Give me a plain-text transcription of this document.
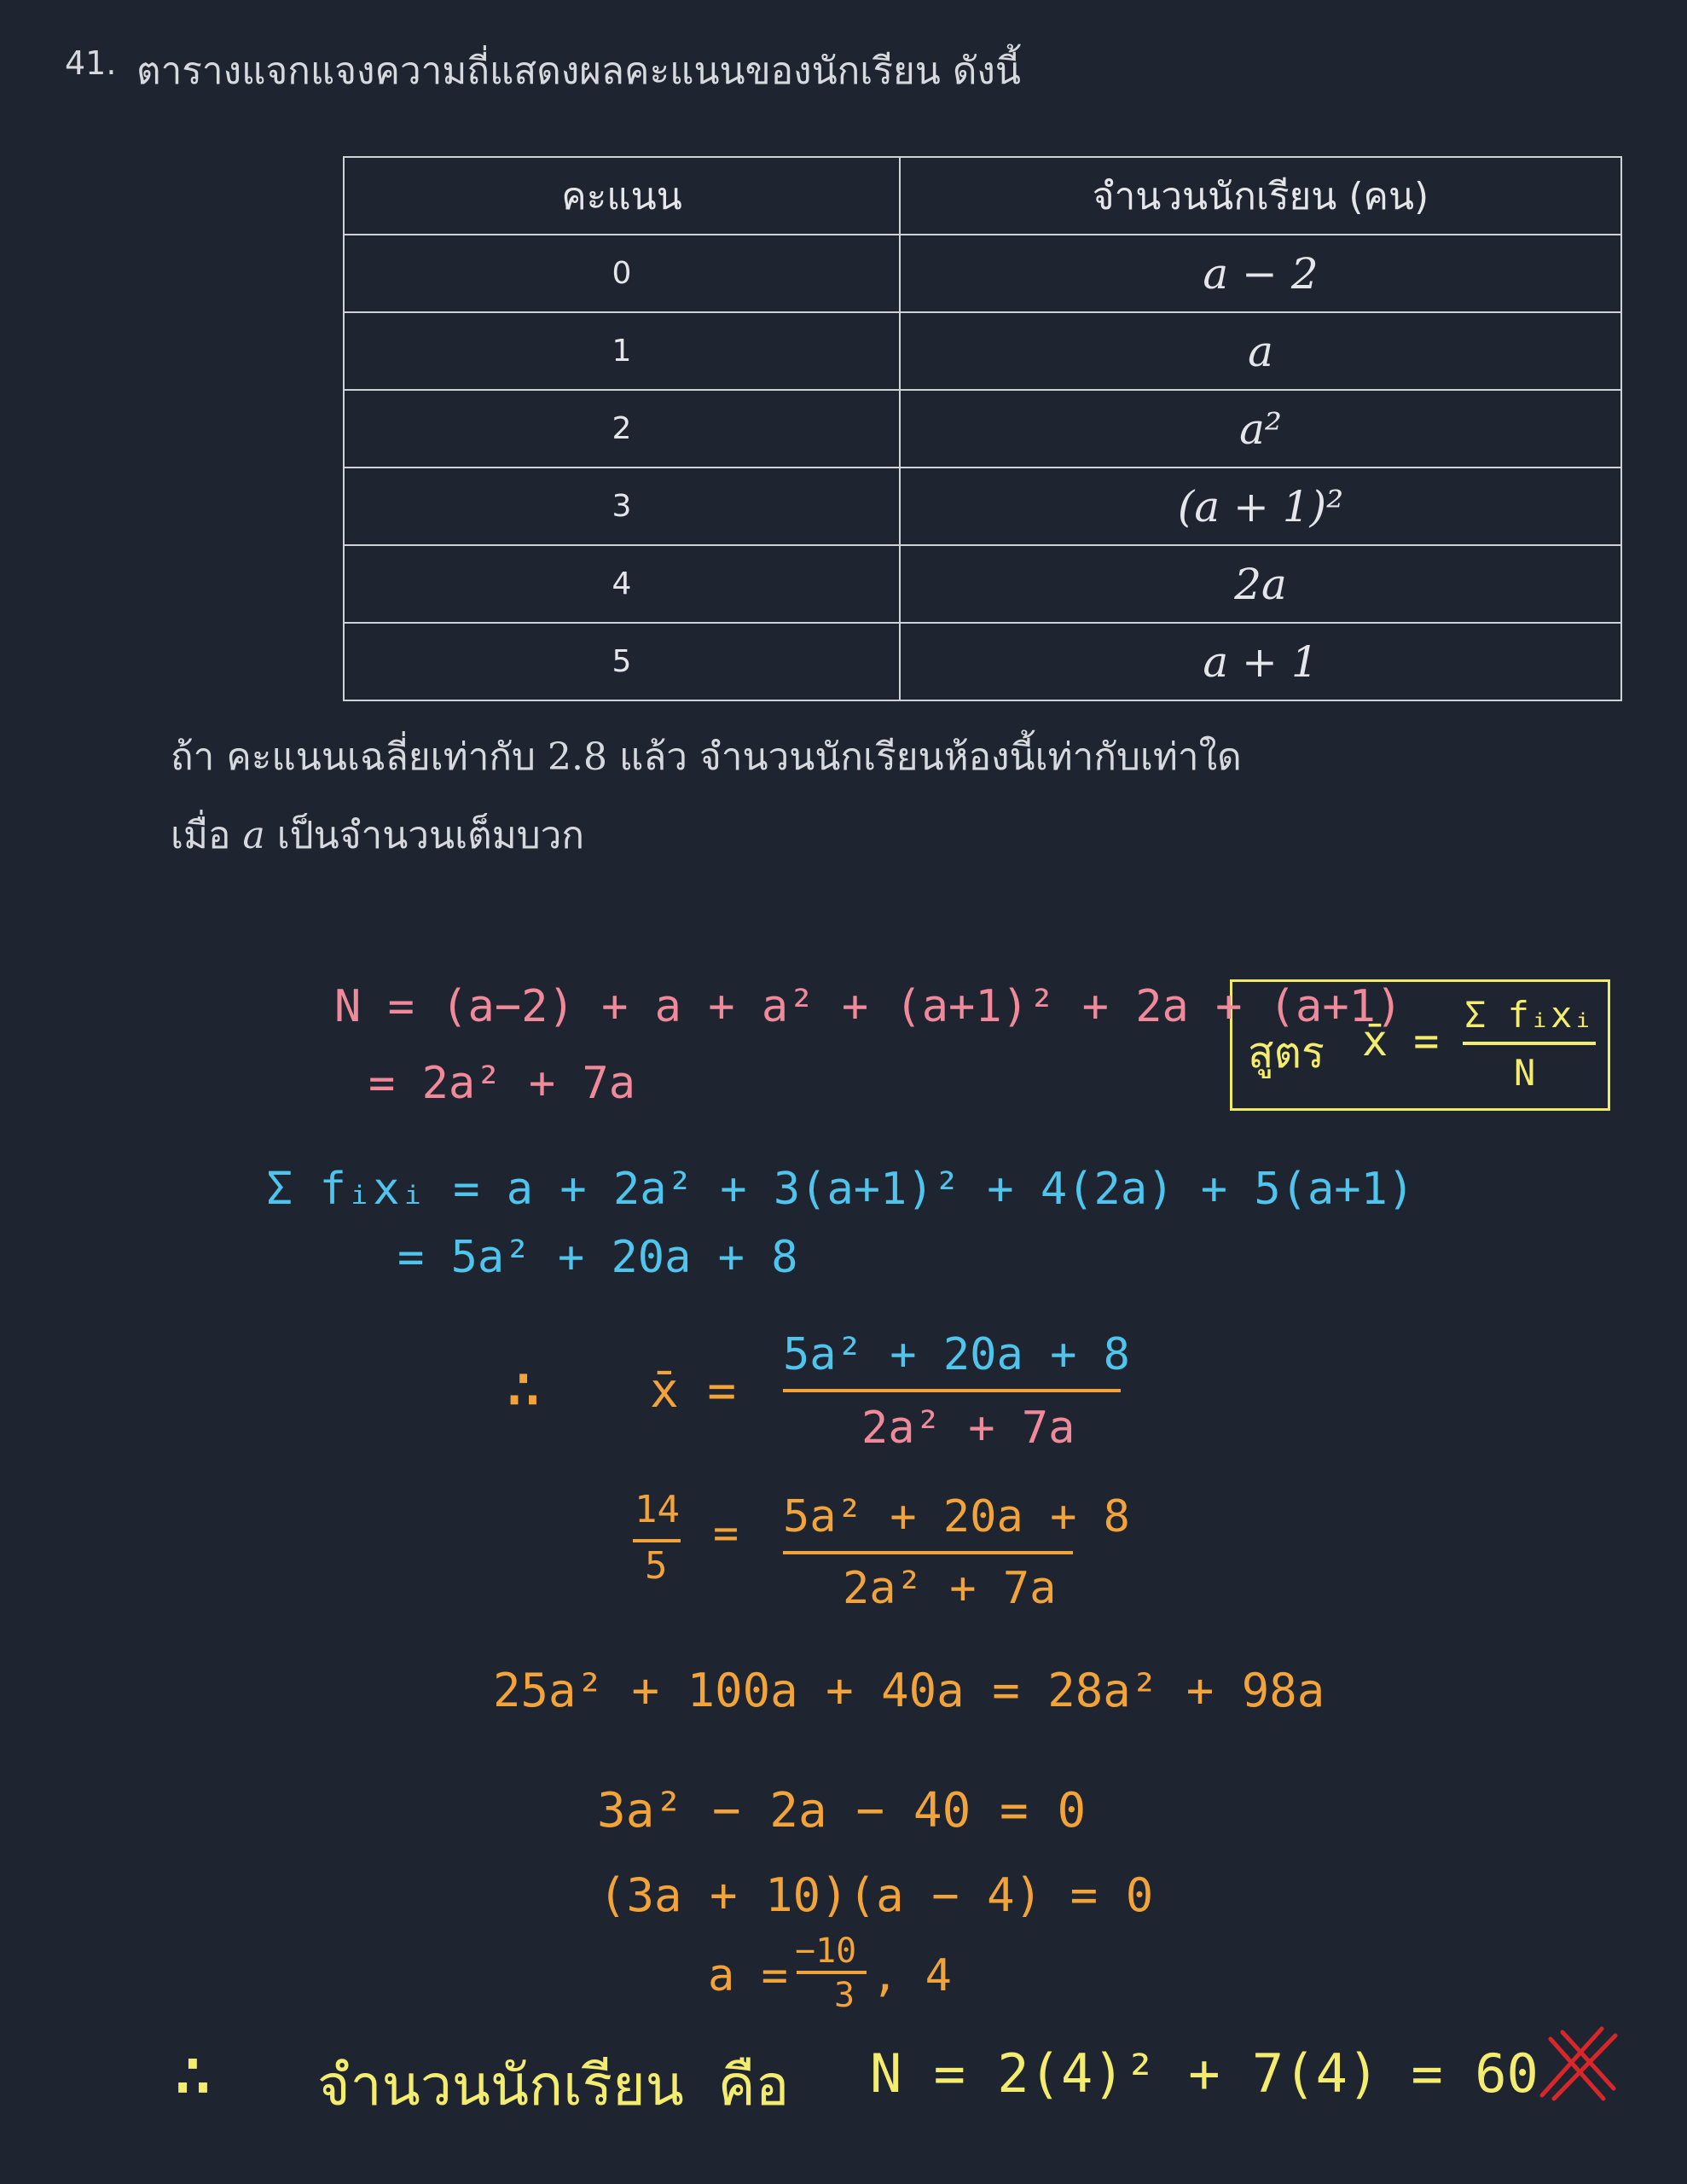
41. ตารางแจกแจงความถี่แสดงผลคะแนนของนักเรียน ดังนี้
คะแนน	จำนวนนักเรียน (คน)
0	a − 2
1	a
2	a²
3	(a + 1)²
4	2a
5	a + 1
ถ้า คะแนนเฉลี่ยเท่ากับ 2.8 แล้ว จำนวนนักเรียนห้องนี้เท่ากับเท่าใด
เมื่อ a เป็นจำนวนเต็มบวก
สูตร x̄ =
Σ fᵢxᵢ
N
N = (a−2) + a + a² + (a+1)² + 2a + (a+1)
= 2a² + 7a
Σ fᵢxᵢ = a + 2a² + 3(a+1)² + 4(2a) + 5(a+1)
= 5a² + 20a + 8
∴ x̄ =
5a² + 20a + 8
2a² + 7a
14
5
= 5a² + 20a + 8
2a² + 7a
25a² + 100a + 40a = 28a² + 98a
3a² − 2a − 40 = 0
(3a + 10)(a − 4) = 0
a = −10
3 , 4
∴ จำนวนนักเรียน คือ N = 2(4)² + 7(4) = 60
